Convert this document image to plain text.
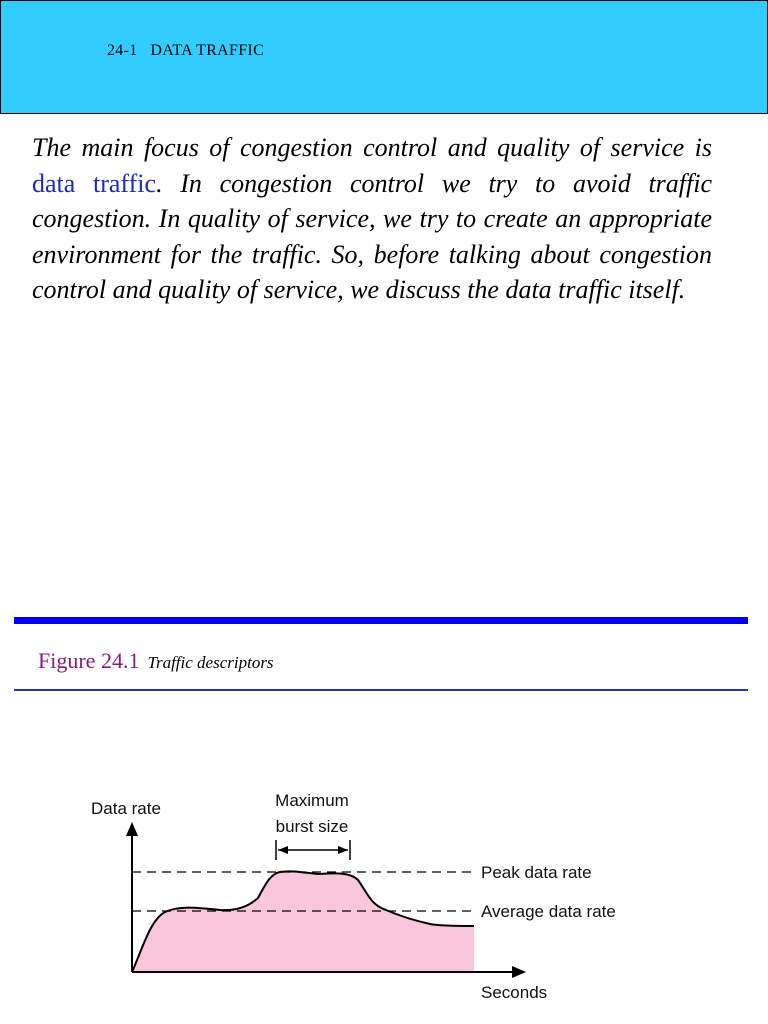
24-1   DATA TRAFFIC

The main focus of congestion control and quality of service is data traffic. In congestion control we try to avoid traffic congestion. In quality of service, we try to create an appropriate environment for the traffic. So, before talking about congestion control and quality of service, we discuss the data traffic itself.

Figure 24.1 Traffic descriptors
Data rate	Maximum
burst size
Peak data rate
Average data rate
Seconds
